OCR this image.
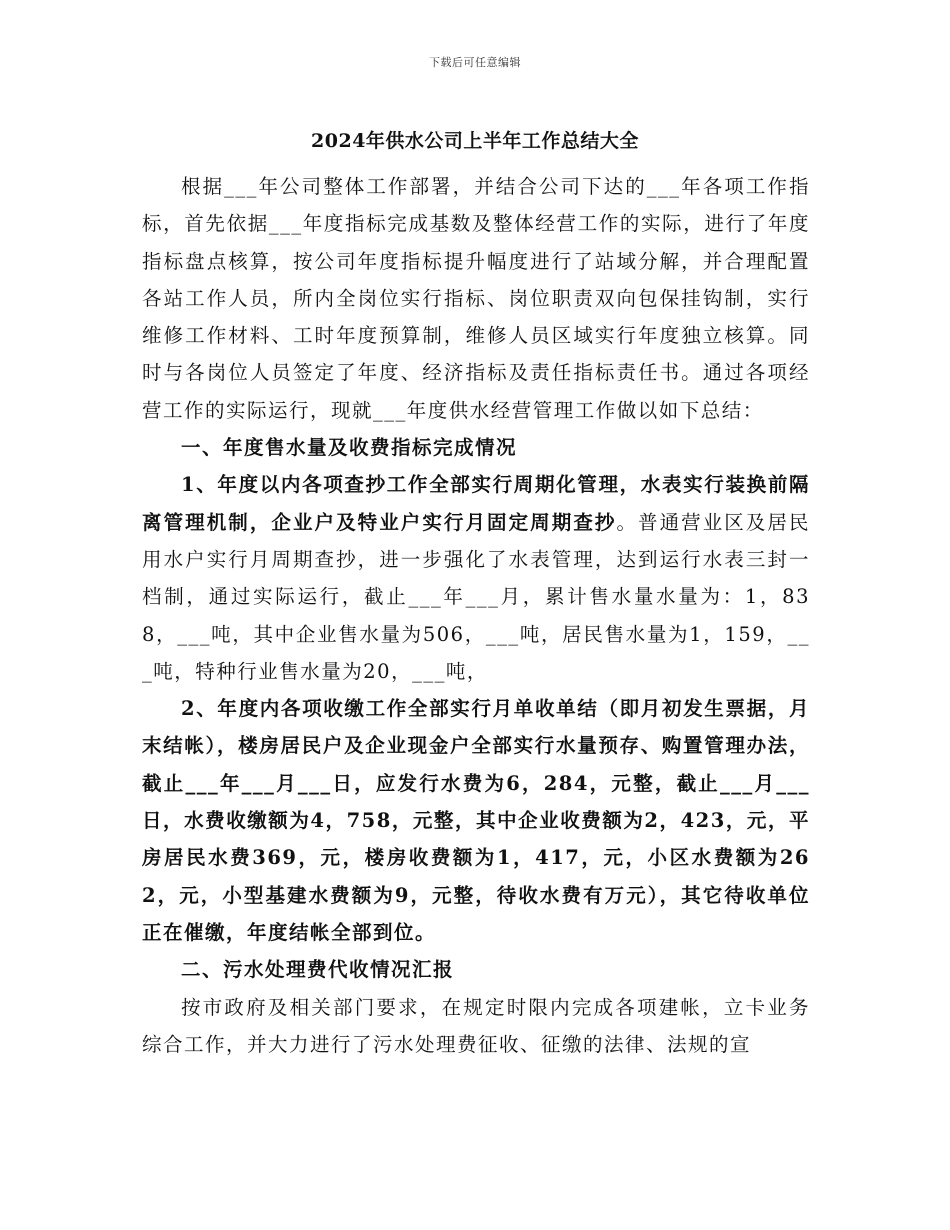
下载后可任意编辑
2024年供水公司上半年工作总结大全

根据___年公司整体工作部署，并结合公司下达的___年各项工作指标，首先依据___年度指标完成基数及整体经营工作的实际，进行了年度指标盘点核算，按公司年度指标提升幅度进行了站域分解，并合理配置各站工作人员，所内全岗位实行指标、岗位职责双向包保挂钩制，实行维修工作材料、工时年度预算制，维修人员区域实行年度独立核算。同时与各岗位人员签定了年度、经济指标及责任指标责任书。通过各项经营工作的实际运行，现就___年度供水经营管理工作做以如下总结：

一、年度售水量及收费指标完成情况

1、年度以内各项查抄工作全部实行周期化管理，水表实行装换前隔离管理机制，企业户及特业户实行月固定周期查抄。普通营业区及居民用水户实行月周期查抄，进一步强化了水表管理，达到运行水表三封一档制，通过实际运行，截止___年___月，累计售水量水量为：1，838，___吨，其中企业售水量为506，___吨，居民售水量为1，159，___吨，特种行业售水量为20，___吨，

2、年度内各项收缴工作全部实行月单收单结（即月初发生票据，月末结帐），楼房居民户及企业现金户全部实行水量预存、购置管理办法，截止___年___月___日，应发行水费为6，284，元整，截止___月___日，水费收缴额为4，758，元整，其中企业收费额为2，423，元，平房居民水费369，元，楼房收费额为1，417，元，小区水费额为262，元，小型基建水费额为9，元整，待收水费有万元），其它待收单位正在催缴，年度结帐全部到位。

二、污水处理费代收情况汇报

按市政府及相关部门要求，在规定时限内完成各项建帐，立卡业务综合工作，并大力进行了污水处理费征收、征缴的法律、法规的宣
